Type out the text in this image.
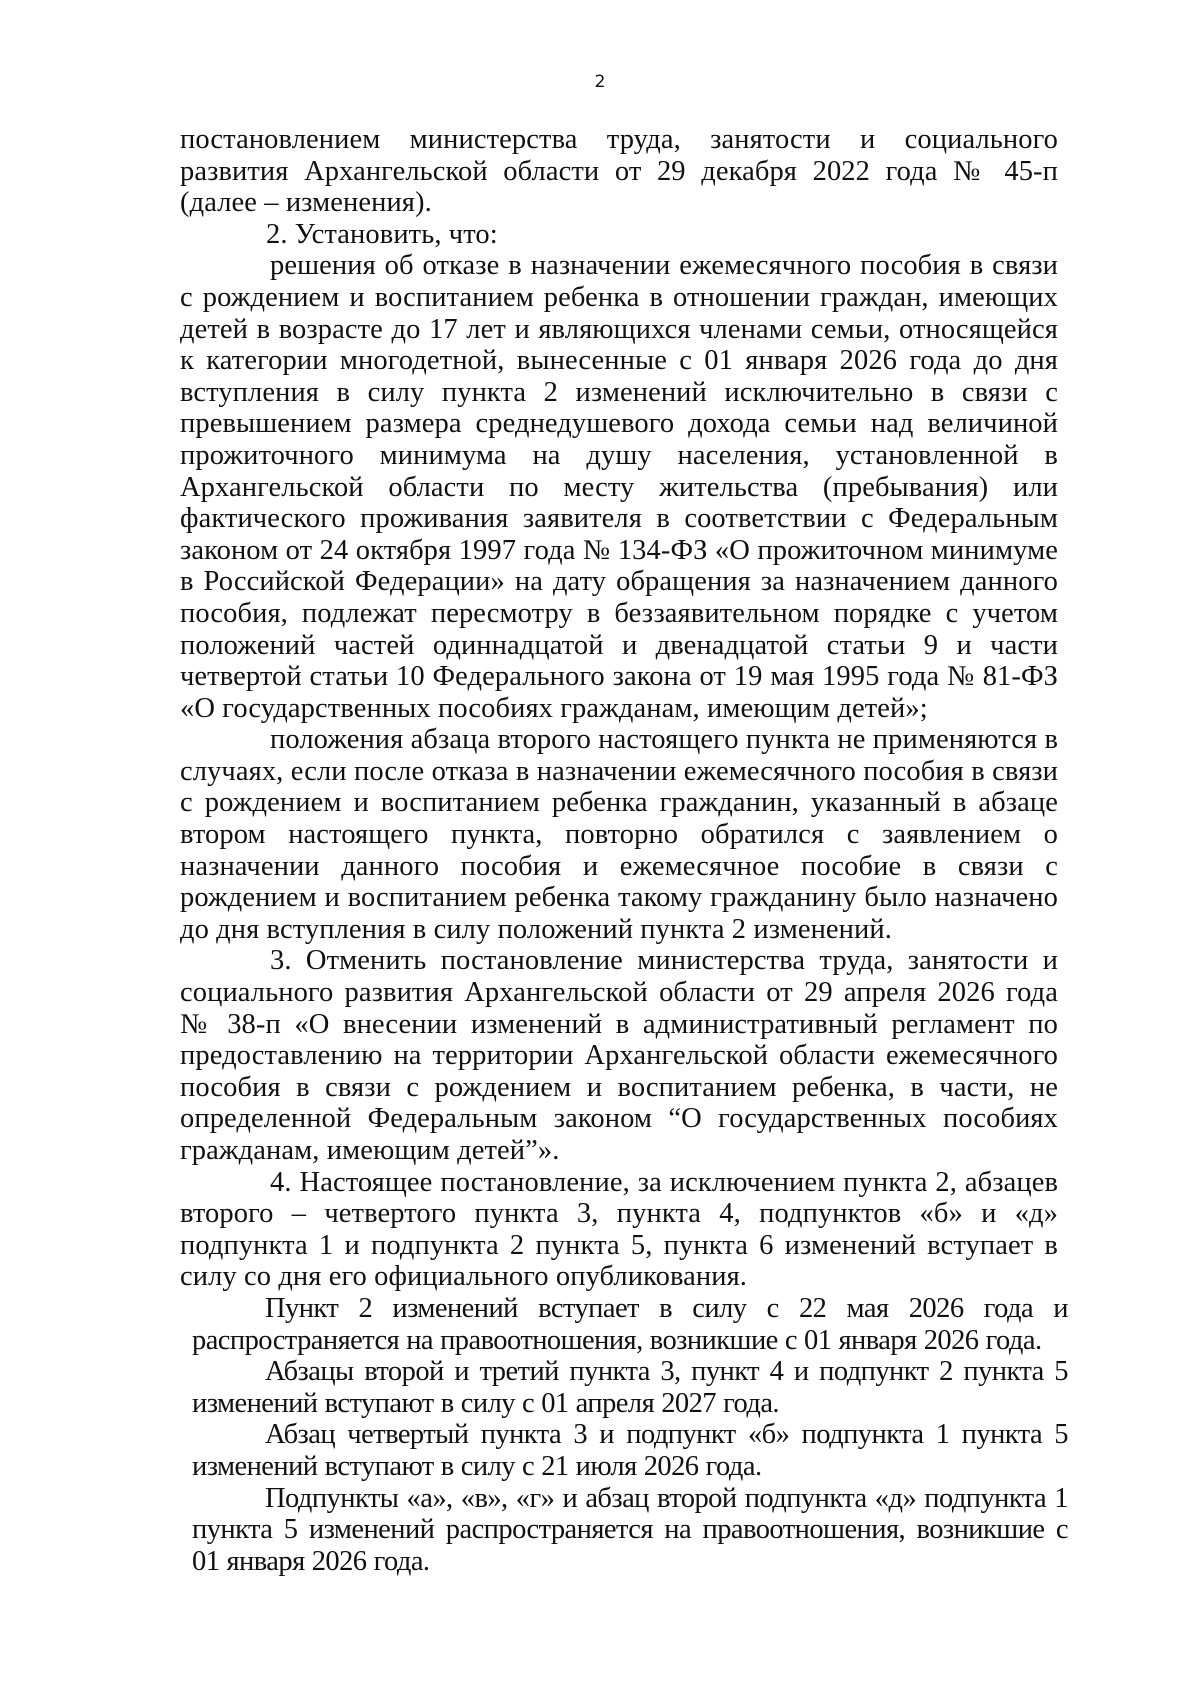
2

постановлением министерства труда, занятости и социального развития Архангельской области от 29 декабря 2022 года № 45-п (далее – изменения).

2. Установить, что:

решения об отказе в назначении ежемесячного пособия в связи с рождением и воспитанием ребенка в отношении граждан, имеющих детей в возрасте до 17 лет и являющихся членами семьи, относящейся к категории многодетной, вынесенные с 01 января 2026 года до дня вступления в силу пункта 2 изменений исключительно в связи с превышением размера среднедушевого дохода семьи над величиной прожиточного минимума на душу населения, установленной в Архангельской области по месту жительства (пребывания) или фактического проживания заявителя в соответствии с Федеральным законом от 24 октября 1997 года № 134-ФЗ «О прожиточном минимуме в Российской Федерации» на дату обращения за назначением данного пособия, подлежат пересмотру в беззаявительном порядке с учетом положений частей одиннадцатой и двенадцатой статьи 9 и части четвертой статьи 10 Федерального закона от 19 мая 1995 года № 81-ФЗ «О государственных пособиях гражданам, имеющим детей»;

положения абзаца второго настоящего пункта не применяются в случаях, если после отказа в назначении ежемесячного пособия в связи с рождением и воспитанием ребенка гражданин, указанный в абзаце втором настоящего пункта, повторно обратился с заявлением о назначении данного пособия и ежемесячное пособие в связи с рождением и воспитанием ребенка такому гражданину было назначено до дня вступления в силу положений пункта 2 изменений.

3. Отменить постановление министерства труда, занятости и социального развития Архангельской области от 29 апреля 2026 года № 38-п «О внесении изменений в административный регламент по предоставлению на территории Архангельской области ежемесячного пособия в связи с рождением и воспитанием ребенка, в части, не определенной Федеральным законом “О государственных пособиях гражданам, имеющим детей”».

4. Настоящее постановление, за исключением пункта 2, абзацев второго – четвертого пункта 3, пункта 4, подпунктов «б» и «д» подпункта 1 и подпункта 2 пункта 5, пункта 6 изменений вступает в силу со дня его официального опубликования.

Пункт 2 изменений вступает в силу с 22 мая 2026 года и распространяется на правоотношения, возникшие с 01 января 2026 года.

Абзацы второй и третий пункта 3, пункт 4 и подпункт 2 пункта 5 изменений вступают в силу с 01 апреля 2027 года.

Абзац четвертый пункта 3 и подпункт «б» подпункта 1 пункта 5 изменений вступают в силу с 21 июля 2026 года.

Подпункты «а», «в», «г» и абзац второй подпункта «д» подпункта 1 пункта 5 изменений распространяется на правоотношения, возникшие с 01 января 2026 года.
